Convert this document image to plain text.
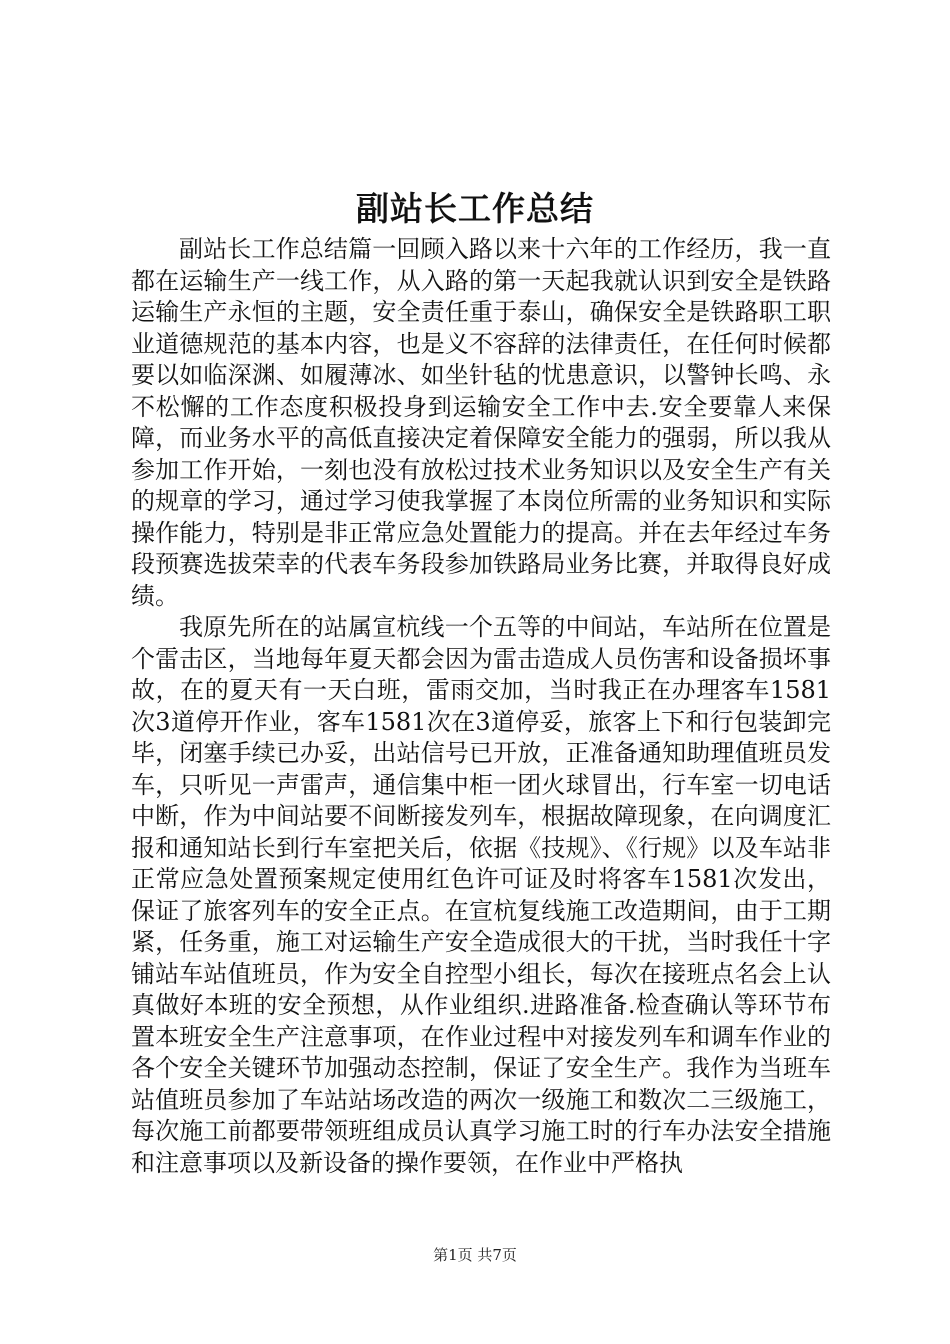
副站长工作总结

副站长工作总结篇一回顾入路以来十六年的工作经历，我一直都在运输生产一线工作，从入路的第一天起我就认识到安全是铁路运输生产永恒的主题，安全责任重于泰山，确保安全是铁路职工职业道德规范的基本内容，也是义不容辞的法律责任，在任何时候都要以如临深渊、如履薄冰、如坐针毡的忧患意识，以警钟长鸣、永不松懈的工作态度积极投身到运输安全工作中去.安全要靠人来保障，而业务水平的高低直接决定着保障安全能力的强弱，所以我从参加工作开始，一刻也没有放松过技术业务知识以及安全生产有关的规章的学习，通过学习使我掌握了本岗位所需的业务知识和实际操作能力，特别是非正常应急处置能力的提高。并在去年经过车务段预赛选拔荣幸的代表车务段参加铁路局业务比赛，并取得良好成绩。

我原先所在的站属宣杭线一个五等的中间站，车站所在位置是个雷击区，当地每年夏天都会因为雷击造成人员伤害和设备损坏事故，在的夏天有一天白班，雷雨交加，当时我正在办理客车1581次3道停开作业，客车1581次在3道停妥，旅客上下和行包装卸完毕，闭塞手续已办妥，出站信号已开放，正准备通知助理值班员发车，只听见一声雷声，通信集中柜一团火球冒出，行车室一切电话中断，作为中间站要不间断接发列车，根据故障现象，在向调度汇报和通知站长到行车室把关后，依据《技规》、《行规》以及车站非正常应急处置预案规定使用红色许可证及时将客车1581次发出，保证了旅客列车的安全正点。在宣杭复线施工改造期间，由于工期紧，任务重，施工对运输生产安全造成很大的干扰，当时我任十字铺站车站值班员，作为安全自控型小组长，每次在接班点名会上认真做好本班的安全预想，从作业组织.进路准备.检查确认等环节布置本班安全生产注意事项，在作业过程中对接发列车和调车作业的各个安全关键环节加强动态控制，保证了安全生产。我作为当班车站值班员参加了车站站场改造的两次一级施工和数次二三级施工，每次施工前都要带领班组成员认真学习施工时的行车办法安全措施和注意事项以及新设备的操作要领，在作业中严格执

第1页 共7页
